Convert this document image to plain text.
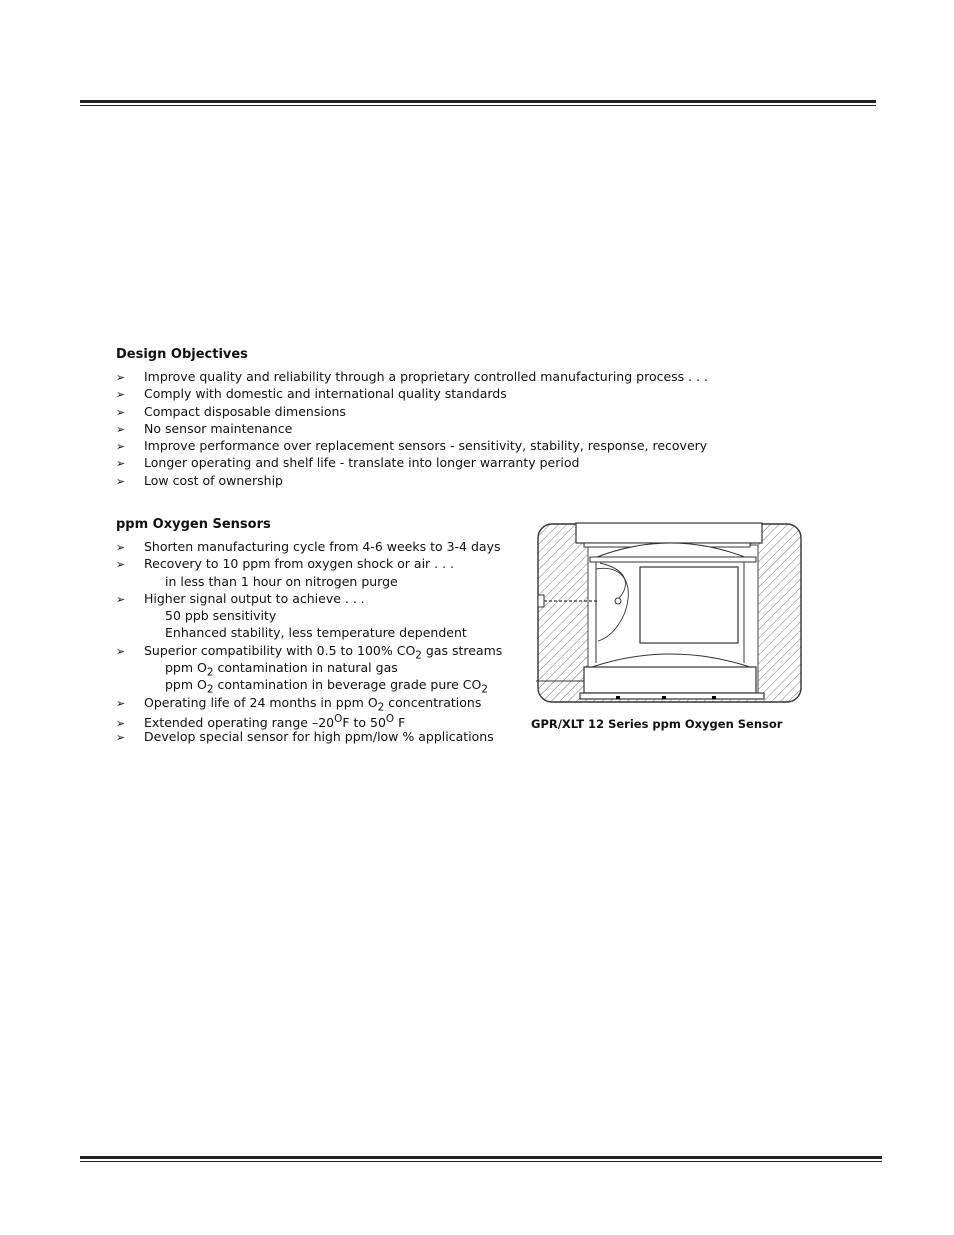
Design Objectives
➢ Improve quality and reliability through a proprietary controlled manufacturing process . . .
➢ Comply with domestic and international quality standards
➢ Compact disposable dimensions
➢ No sensor maintenance
➢ Improve performance over replacement sensors - sensitivity, stability, response, recovery
➢ Longer operating and shelf life - translate into longer warranty period
➢ Low cost of ownership
ppm Oxygen Sensors
➢ Shorten manufacturing cycle from 4-6 weeks to 3-4 days
➢ Recovery to 10 ppm from oxygen shock or air . . .
in less than 1 hour on nitrogen purge
➢ Higher signal output to achieve . . .
50 ppb sensitivity
Enhanced stability, less temperature dependent
➢ Superior compatibility with 0.5 to 100% $CO_2$ gas streams
ppm $O_2$ contamination in natural gas
ppm $O_2$ contamination in beverage grade pure $CO_2$
➢ Operating life of 24 months in ppm $O_2$ concentrations
➢ Extended operating range $-20^OF$ to $50^O$ F
➢ Develop special sensor for high ppm/low % applications
GPR/XLT 12 Series ppm Oxygen Sensor
